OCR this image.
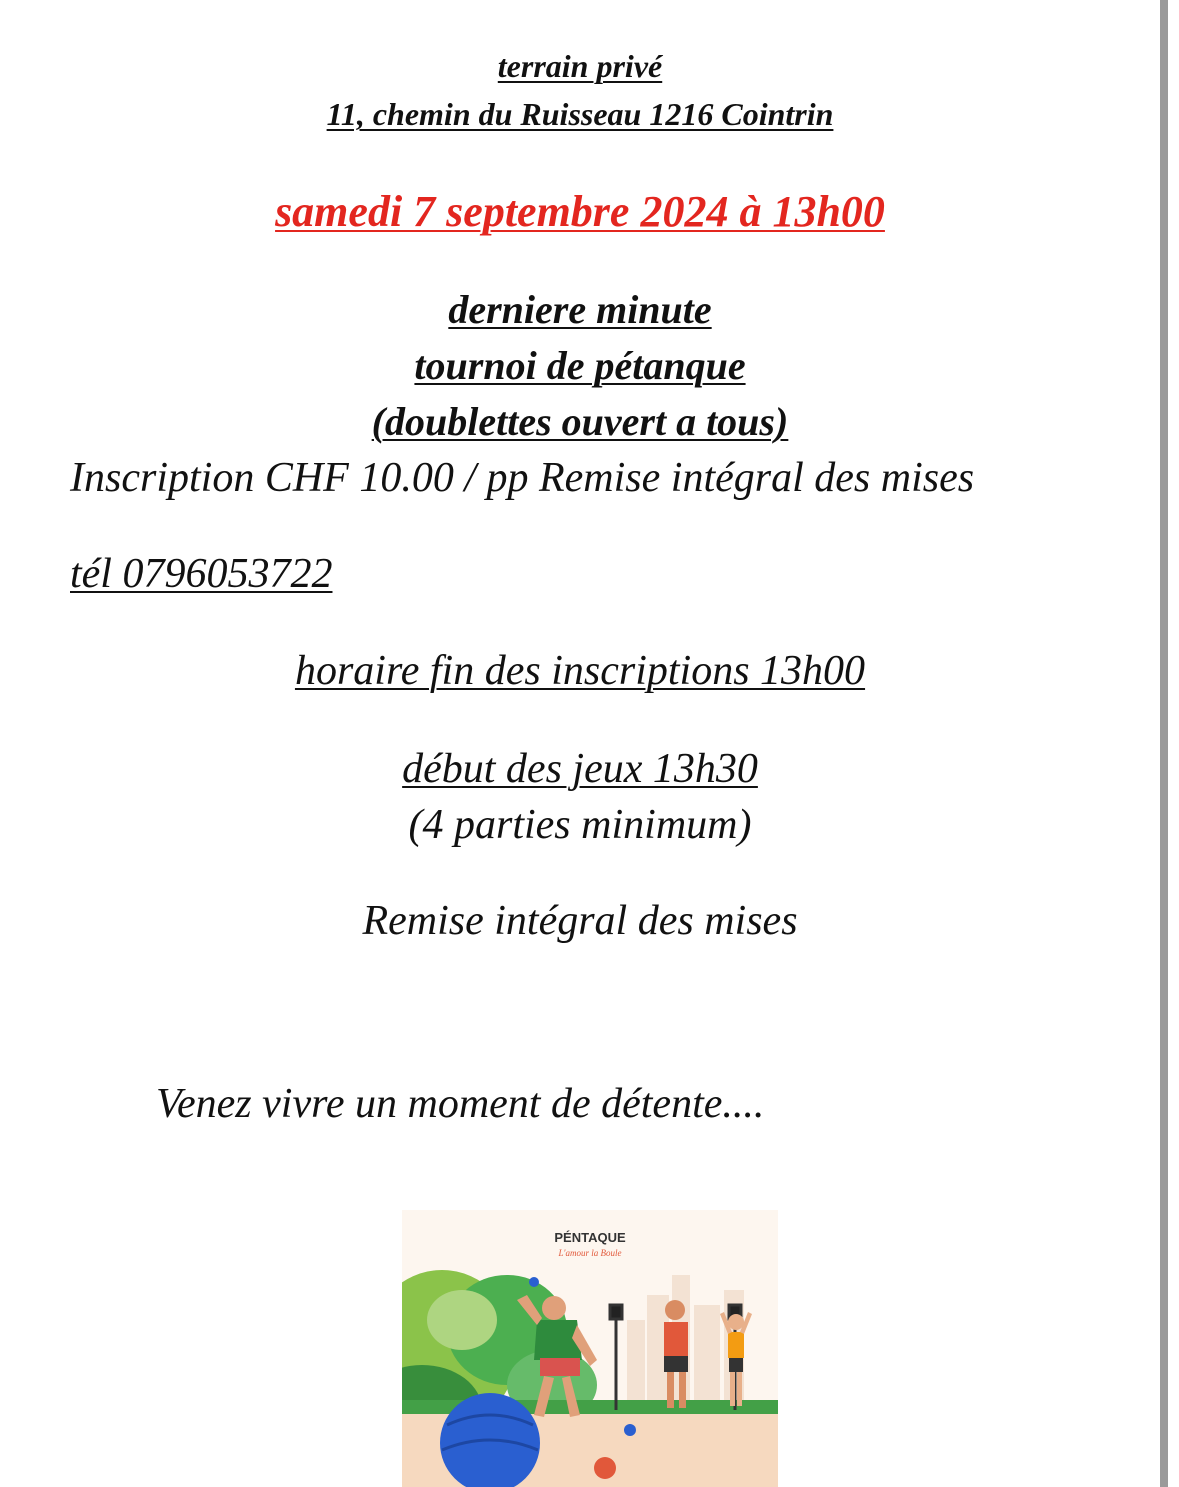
terrain privé
11, chemin du Ruisseau 1216 Cointrin
samedi 7 septembre 2024 à 13h00
derniere minute
tournoi de pétanque
(doublettes ouvert a tous)
Inscription CHF 10.00 / pp Remise intégral des mises
tél 0796053722
horaire fin des inscriptions 13h00
début des jeux 13h30
(4 parties minimum)
Remise intégral des mises
Venez vivre un moment de détente....
PÉNTAQUE
L'amour la Boule
